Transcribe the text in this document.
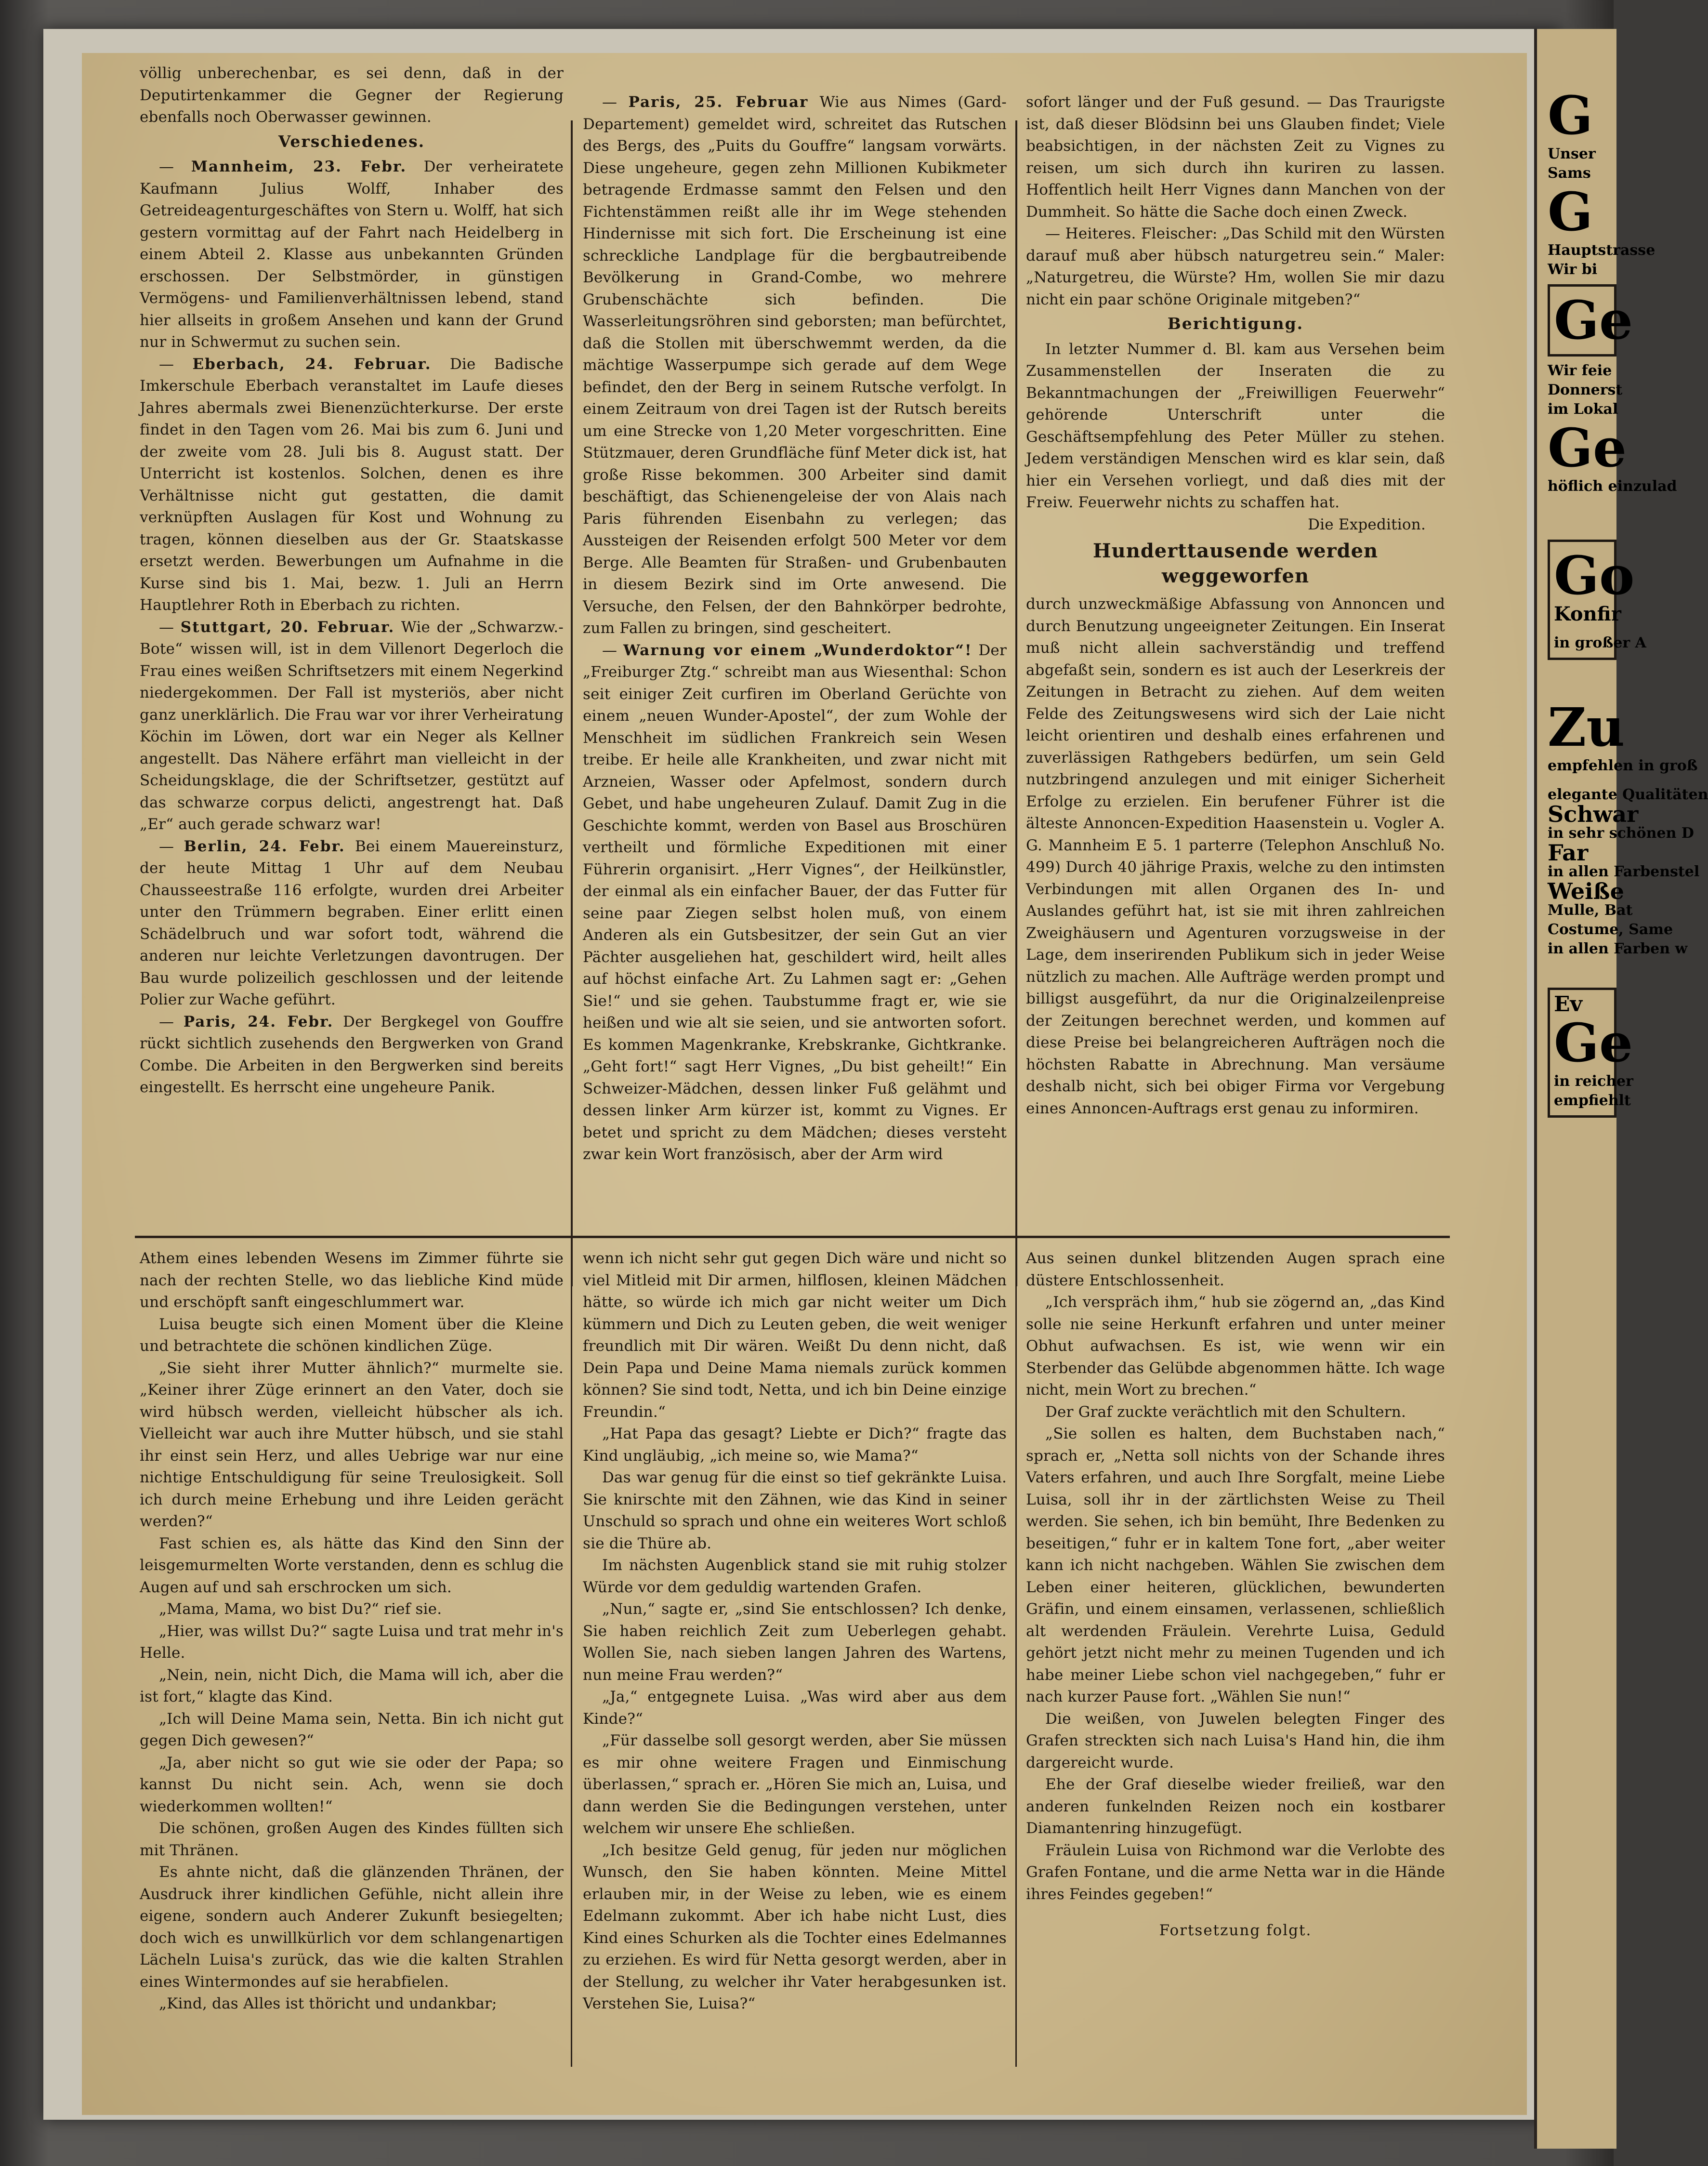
völlig unberechenbar, es sei denn, daß in der Deputirtenkammer die Gegner der Regierung ebenfalls noch Oberwasser gewinnen.

Verschiedenes.

— Mannheim, 23. Febr. Der verheiratete Kaufmann Julius Wolff, Inhaber des Getreideagenturgeschäftes von Stern u. Wolff, hat sich gestern vormittag auf der Fahrt nach Heidelberg in einem Abteil 2. Klasse aus unbekannten Gründen erschossen. Der Selbstmörder, in günstigen Vermögens- und Familienverhältnissen lebend, stand hier allseits in großem Ansehen und kann der Grund nur in Schwermut zu suchen sein.

— Eberbach, 24. Februar. Die Badische Imkerschule Eberbach veranstaltet im Laufe dieses Jahres abermals zwei Bienenzüchterkurse. Der erste findet in den Tagen vom 26. Mai bis zum 6. Juni und der zweite vom 28. Juli bis 8. August statt. Der Unterricht ist kostenlos. Solchen, denen es ihre Verhältnisse nicht gut gestatten, die damit verknüpften Auslagen für Kost und Wohnung zu tragen, können dieselben aus der Gr. Staatskasse ersetzt werden. Bewerbungen um Aufnahme in die Kurse sind bis 1. Mai, bezw. 1. Juli an Herrn Hauptlehrer Roth in Eberbach zu richten.

— Stuttgart, 20. Februar. Wie der „Schwarzw.-Bote“ wissen will, ist in dem Villenort Degerloch die Frau eines weißen Schriftsetzers mit einem Negerkind niedergekommen. Der Fall ist mysteriös, aber nicht ganz unerklärlich. Die Frau war vor ihrer Verheiratung Köchin im Löwen, dort war ein Neger als Kellner angestellt. Das Nähere erfährt man vielleicht in der Scheidungsklage, die der Schriftsetzer, gestützt auf das schwarze corpus delicti, angestrengt hat. Daß „Er“ auch gerade schwarz war!

— Berlin, 24. Febr. Bei einem Mauereinsturz, der heute Mittag 1 Uhr auf dem Neubau Chausseestraße 116 erfolgte, wurden drei Arbeiter unter den Trümmern begraben. Einer erlitt einen Schädelbruch und war sofort todt, während die anderen nur leichte Verletzungen davontrugen. Der Bau wurde polizeilich geschlossen und der leitende Polier zur Wache geführt.

— Paris, 24. Febr. Der Bergkegel von Gouffre rückt sichtlich zusehends den Bergwerken von Grand Combe. Die Arbeiten in den Bergwerken sind bereits eingestellt. Es herrscht eine ungeheure Panik.

— Paris, 25. Februar Wie aus Nimes (Gard-Departement) gemeldet wird, schreitet das Rutschen des Bergs, des „Puits du Gouffre“ langsam vorwärts. Diese ungeheure, gegen zehn Millionen Kubikmeter betragende Erdmasse sammt den Felsen und den Fichtenstämmen reißt alle ihr im Wege stehenden Hindernisse mit sich fort. Die Erscheinung ist eine schreckliche Landplage für die bergbautreibende Bevölkerung in Grand-Combe, wo mehrere Grubenschächte sich befinden. Die Wasserleitungsröhren sind geborsten; man befürchtet, daß die Stollen mit überschwemmt werden, da die mächtige Wasserpumpe sich gerade auf dem Wege befindet, den der Berg in seinem Rutsche verfolgt. In einem Zeitraum von drei Tagen ist der Rutsch bereits um eine Strecke von 1,20 Meter vorgeschritten. Eine Stützmauer, deren Grundfläche fünf Meter dick ist, hat große Risse bekommen. 300 Arbeiter sind damit beschäftigt, das Schienengeleise der von Alais nach Paris führenden Eisenbahn zu verlegen; das Aussteigen der Reisenden erfolgt 500 Meter vor dem Berge. Alle Beamten für Straßen- und Grubenbauten in diesem Bezirk sind im Orte anwesend. Die Versuche, den Felsen, der den Bahnkörper bedrohte, zum Fallen zu bringen, sind gescheitert.

— Warnung vor einem „Wunderdoktor“! Der „Freiburger Ztg.“ schreibt man aus Wiesenthal: Schon seit einiger Zeit curfiren im Oberland Gerüchte von einem „neuen Wunder-Apostel“, der zum Wohle der Menschheit im südlichen Frankreich sein Wesen treibe. Er heile alle Krankheiten, und zwar nicht mit Arzneien, Wasser oder Apfelmost, sondern durch Gebet, und habe ungeheuren Zulauf. Damit Zug in die Geschichte kommt, werden von Basel aus Broschüren vertheilt und förmliche Expeditionen mit einer Führerin organisirt. „Herr Vignes“, der Heilkünstler, der einmal als ein einfacher Bauer, der das Futter für seine paar Ziegen selbst holen muß, von einem Anderen als ein Gutsbesitzer, der sein Gut an vier Pächter ausgeliehen hat, geschildert wird, heilt alles auf höchst einfache Art. Zu Lahmen sagt er: „Gehen Sie!“ und sie gehen. Taubstumme fragt er, wie sie heißen und wie alt sie seien, und sie antworten sofort. Es kommen Magenkranke, Krebskranke, Gichtkranke. „Geht fort!“ sagt Herr Vignes, „Du bist geheilt!“ Ein Schweizer-Mädchen, dessen linker Fuß gelähmt und dessen linker Arm kürzer ist, kommt zu Vignes. Er betet und spricht zu dem Mädchen; dieses versteht zwar kein Wort französisch, aber der Arm wird

sofort länger und der Fuß gesund. — Das Traurigste ist, daß dieser Blödsinn bei uns Glauben findet; Viele beabsichtigen, in der nächsten Zeit zu Vignes zu reisen, um sich durch ihn kuriren zu lassen. Hoffentlich heilt Herr Vignes dann Manchen von der Dummheit. So hätte die Sache doch einen Zweck.

— Heiteres. Fleischer: „Das Schild mit den Würsten darauf muß aber hübsch naturgetreu sein.“ Maler: „Naturgetreu, die Würste? Hm, wollen Sie mir dazu nicht ein paar schöne Originale mitgeben?“

Berichtigung.

In letzter Nummer d. Bl. kam aus Versehen beim Zusammenstellen der Inseraten die zu Bekanntmachungen der „Freiwilligen Feuerwehr“ gehörende Unterschrift unter die Geschäftsempfehlung des Peter Müller zu stehen. Jedem verständigen Menschen wird es klar sein, daß hier ein Versehen vorliegt, und daß dies mit der Freiw. Feuerwehr nichts zu schaffen hat.

Die Expedition.
Hunderttausende werden weggeworfen

durch unzweckmäßige Abfassung von Annoncen und durch Benutzung ungeeigneter Zeitungen. Ein Inserat muß nicht allein sachverständig und treffend abgefaßt sein, sondern es ist auch der Leserkreis der Zeitungen in Betracht zu ziehen. Auf dem weiten Felde des Zeitungswesens wird sich der Laie nicht leicht orientiren und deshalb eines erfahrenen und zuverlässigen Rathgebers bedürfen, um sein Geld nutzbringend anzulegen und mit einiger Sicherheit Erfolge zu erzielen. Ein berufener Führer ist die älteste Annoncen-Expedition Haasenstein u. Vogler A. G. Mannheim E 5. 1 parterre (Telephon Anschluß No. 499) Durch 40 jährige Praxis, welche zu den intimsten Verbindungen mit allen Organen des In- und Auslandes geführt hat, ist sie mit ihren zahlreichen Zweighäusern und Agenturen vorzugsweise in der Lage, dem inserirenden Publikum sich in jeder Weise nützlich zu machen. Alle Aufträge werden prompt und billigst ausgeführt, da nur die Originalzeilenpreise der Zeitungen berechnet werden, und kommen auf diese Preise bei belangreicheren Aufträgen noch die höchsten Rabatte in Abrechnung. Man versäume deshalb nicht, sich bei obiger Firma vor Vergebung eines Annoncen-Auftrags erst genau zu informiren.

Athem eines lebenden Wesens im Zimmer führte sie nach der rechten Stelle, wo das liebliche Kind müde und erschöpft sanft eingeschlummert war.

Luisa beugte sich einen Moment über die Kleine und betrachtete die schönen kindlichen Züge.

„Sie sieht ihrer Mutter ähnlich?“ murmelte sie. „Keiner ihrer Züge erinnert an den Vater, doch sie wird hübsch werden, vielleicht hübscher als ich. Vielleicht war auch ihre Mutter hübsch, und sie stahl ihr einst sein Herz, und alles Uebrige war nur eine nichtige Entschuldigung für seine Treulosigkeit. Soll ich durch meine Erhebung und ihre Leiden gerächt werden?“

Fast schien es, als hätte das Kind den Sinn der leisgemurmelten Worte verstanden, denn es schlug die Augen auf und sah erschrocken um sich.

„Mama, Mama, wo bist Du?“ rief sie.

„Hier, was willst Du?“ sagte Luisa und trat mehr in's Helle.

„Nein, nein, nicht Dich, die Mama will ich, aber die ist fort,“ klagte das Kind.

„Ich will Deine Mama sein, Netta. Bin ich nicht gut gegen Dich gewesen?“

„Ja, aber nicht so gut wie sie oder der Papa; so kannst Du nicht sein. Ach, wenn sie doch wiederkommen wollten!“

Die schönen, großen Augen des Kindes füllten sich mit Thränen.

Es ahnte nicht, daß die glänzenden Thränen, der Ausdruck ihrer kindlichen Gefühle, nicht allein ihre eigene, sondern auch Anderer Zukunft besiegelten; doch wich es unwillkürlich vor dem schlangenartigen Lächeln Luisa's zurück, das wie die kalten Strahlen eines Wintermondes auf sie herabfielen.

„Kind, das Alles ist thöricht und undankbar;

wenn ich nicht sehr gut gegen Dich wäre und nicht so viel Mitleid mit Dir armen, hilflosen, kleinen Mädchen hätte, so würde ich mich gar nicht weiter um Dich kümmern und Dich zu Leuten geben, die weit weniger freundlich mit Dir wären. Weißt Du denn nicht, daß Dein Papa und Deine Mama niemals zurück kommen können? Sie sind todt, Netta, und ich bin Deine einzige Freundin.“

„Hat Papa das gesagt? Liebte er Dich?“ fragte das Kind ungläubig, „ich meine so, wie Mama?“

Das war genug für die einst so tief gekränkte Luisa. Sie knirschte mit den Zähnen, wie das Kind in seiner Unschuld so sprach und ohne ein weiteres Wort schloß sie die Thüre ab.

Im nächsten Augenblick stand sie mit ruhig stolzer Würde vor dem geduldig wartenden Grafen.

„Nun,“ sagte er, „sind Sie entschlossen? Ich denke, Sie haben reichlich Zeit zum Ueberlegen gehabt. Wollen Sie, nach sieben langen Jahren des Wartens, nun meine Frau werden?“

„Ja,“ entgegnete Luisa. „Was wird aber aus dem Kinde?“

„Für dasselbe soll gesorgt werden, aber Sie müssen es mir ohne weitere Fragen und Einmischung überlassen,“ sprach er. „Hören Sie mich an, Luisa, und dann werden Sie die Bedingungen verstehen, unter welchem wir unsere Ehe schließen.

„Ich besitze Geld genug, für jeden nur möglichen Wunsch, den Sie haben könnten. Meine Mittel erlauben mir, in der Weise zu leben, wie es einem Edelmann zukommt. Aber ich habe nicht Lust, dies Kind eines Schurken als die Tochter eines Edelmannes zu erziehen. Es wird für Netta gesorgt werden, aber in der Stellung, zu welcher ihr Vater herabgesunken ist. Verstehen Sie, Luisa?“

Aus seinen dunkel blitzenden Augen sprach eine düstere Entschlossenheit.

„Ich verspräch ihm,“ hub sie zögernd an, „das Kind solle nie seine Herkunft erfahren und unter meiner Obhut aufwachsen. Es ist, wie wenn wir ein Sterbender das Gelübde abgenommen hätte. Ich wage nicht, mein Wort zu brechen.“

Der Graf zuckte verächtlich mit den Schultern.

„Sie sollen es halten, dem Buchstaben nach,“ sprach er, „Netta soll nichts von der Schande ihres Vaters erfahren, und auch Ihre Sorgfalt, meine Liebe Luisa, soll ihr in der zärtlichsten Weise zu Theil werden. Sie sehen, ich bin bemüht, Ihre Bedenken zu beseitigen,“ fuhr er in kaltem Tone fort, „aber weiter kann ich nicht nachgeben. Wählen Sie zwischen dem Leben einer heiteren, glücklichen, bewunderten Gräfin, und einem einsamen, verlassenen, schließlich alt werdenden Fräulein. Verehrte Luisa, Geduld gehört jetzt nicht mehr zu meinen Tugenden und ich habe meiner Liebe schon viel nachgegeben,“ fuhr er nach kurzer Pause fort. „Wählen Sie nun!“

Die weißen, von Juwelen belegten Finger des Grafen streckten sich nach Luisa's Hand hin, die ihm dargereicht wurde.

Ehe der Graf dieselbe wieder freiließ, war den anderen funkelnden Reizen noch ein kostbarer Diamantenring hinzugefügt.

Fräulein Luisa von Richmond war die Verlobte des Grafen Fontane, und die arme Netta war in die Hände ihres Feindes gegeben!“

Fortsetzung folgt.
G
Unser
Sams
G
Hauptstrasse
Wir bi
Ge
Wir feie
Donnerst
im Lokal
Ge
höflich einzulad
Go
Konfir
in großer A
Zu
empfehlen in groß
elegante Qualitäten
Schwar
in sehr schönen D
Far
in allen Farbenstel
Weiße
Mulle, Bat
Costume, Same
in allen Farben w
Ev
Ge
in reicher
empfiehlt
